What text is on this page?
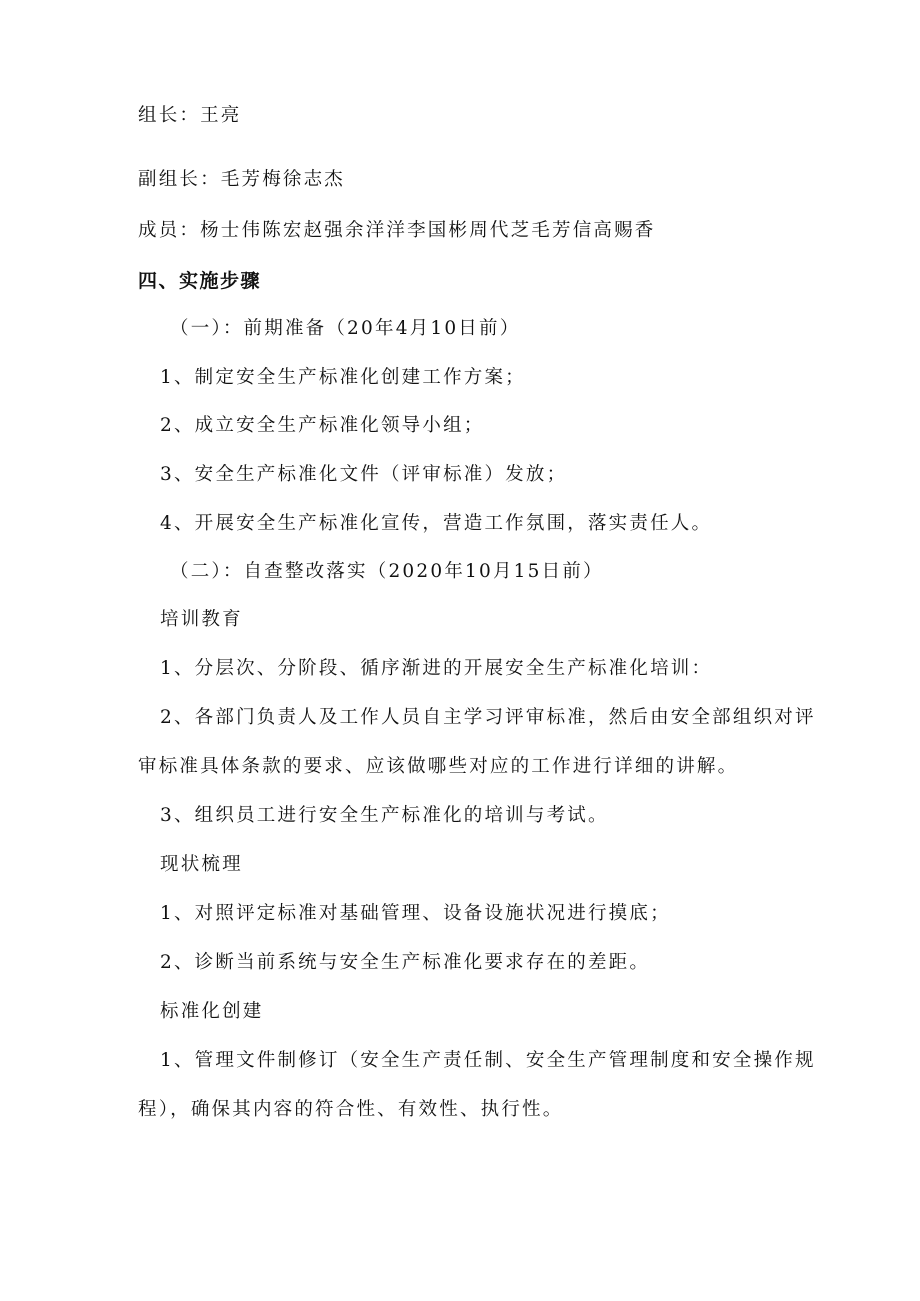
组长：王亮
副组长：毛芳梅徐志杰
成员：杨士伟陈宏赵强余洋洋李国彬周代芝毛芳信高赐香
四、实施步骤
（一）：前期准备（20年4月10日前）
1、制定安全生产标准化创建工作方案；
2、成立安全生产标准化领导小组；
3、安全生产标准化文件（评审标准）发放；
4、开展安全生产标准化宣传，营造工作氛围，落实责任人。
（二）：自查整改落实（2020年10月15日前）
培训教育
1、分层次、分阶段、循序渐进的开展安全生产标准化培训：
2、各部门负责人及工作人员自主学习评审标准，然后由安全部组织对评
审标准具体条款的要求、应该做哪些对应的工作进行详细的讲解。
3、组织员工进行安全生产标准化的培训与考试。
现状梳理
1、对照评定标准对基础管理、设备设施状况进行摸底；
2、诊断当前系统与安全生产标准化要求存在的差距。
标准化创建
1、管理文件制修订（安全生产责任制、安全生产管理制度和安全操作规
程），确保其内容的符合性、有效性、执行性。
